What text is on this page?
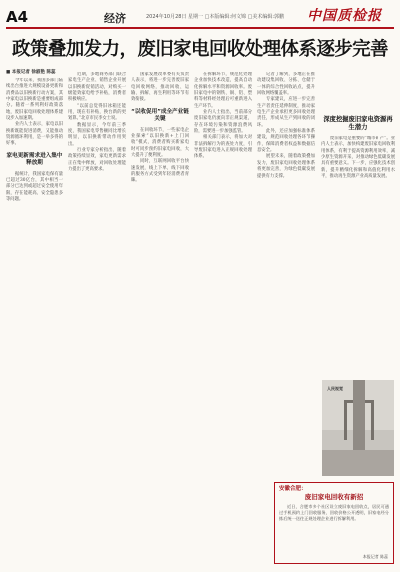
A4	经济	2024年10月28日 星期一 □本版编辑:何文锦 □美术编辑:郭鹏 中国质检报
政策叠加发力，废旧家电回收处理体系逐步完善
■ 本报记者 徐淑艳 陈蕊

今年以来，我国多部门陆续出台推进大规模设备更新和消费品以旧换新行动方案，其中家电以旧换新是重要组成部分。随着一系列利好政策落地，废旧家电回收处理体系建设步入加速期。

业内人士表示，家电以旧换新既能促进消费，又能推动资源循环利用，是一举多得的好事。

家电更新需求进入集中释放期

据统计，我国家电保有量已超过30亿台，其中相当一部分已达到或超过安全使用年限，存在能耗高、安全隐患多等问题。

近期，多地商务部门联合家电生产企业、销售企业开展以旧换新促销活动，对购买一级能效家电给予补贴，消费者积极响应。

“以前总觉得旧冰箱还能用，现在有补贴，换台新的更划算。”北京市民李女士说。

数据显示，今年前三季度，我国家电零售额同比增长明显，以旧换新带动作用突出。

行业专家分析指出，随着政策持续显效，家电更新需求正在集中释放，对回收处理能力提出了更高要求。

国家发展改革委有关负责人表示，将进一步完善废旧家电回收网络，推动回收、运输、拆解、再生利用等环节有效衔接。

“以收促用”成全产业链关键

在回收环节，一些家电企业探索“以旧换新+上门回收”模式，消费者购买新家电时可同步预约旧家电回收，大大提升了便利度。

同时，互联网回收平台快速发展，线上下单、线下回收的服务方式受到年轻消费者青睐。

在拆解环节，规范化处理企业加快技术改造，提高自动化拆解水平和资源回收率。废旧家电中的钢铁、铜、铝、塑料等材料经处理后可重新进入生产环节。

业内人士指出，当前部分废旧家电仍流向非正规渠道，存在环境污染和资源浪费风险，需要进一步加强监管。

相关部门表示，将加大对非法拆解行为的查处力度，引导废旧家电进入正规回收处理体系。

记者了解到，多地正在推动建设集回收、分拣、仓储于一体的综合性回收站点，提升回收网络覆盖率。

专家建议，应进一步完善生产者责任延伸制度，推动家电生产企业承担更多回收处理责任，形成从生产到回收的闭环。

此外，还应加强标准体系建设，规范回收处理各环节操作，保障消费者权益和数据信息安全。

展望未来，随着政策叠加发力，废旧家电回收处理体系将更加完善，为绿色低碳发展提供有力支撑。

深度挖掘废旧家电资源再生潜力

废旧家电是重要的“城市矿产”。业内人士表示，加快构建废旧家电回收利用体系，有利于提高资源利用效率，减少原生资源开采，对推动绿色低碳发展具有重要意义。下一步，应强化技术创新，提升精细化拆解和高值化利用水平，推动再生资源产业高质量发展。

人民视觉
安徽合肥：
废旧家电回收有新招
近日，合肥市多个社区设立废旧家电回收点，居民可通过手机预约上门回收服务，回收价格公开透明，旧家电经分拣后统一送往正规处理企业进行拆解利用。
本报记者 陈蕊
